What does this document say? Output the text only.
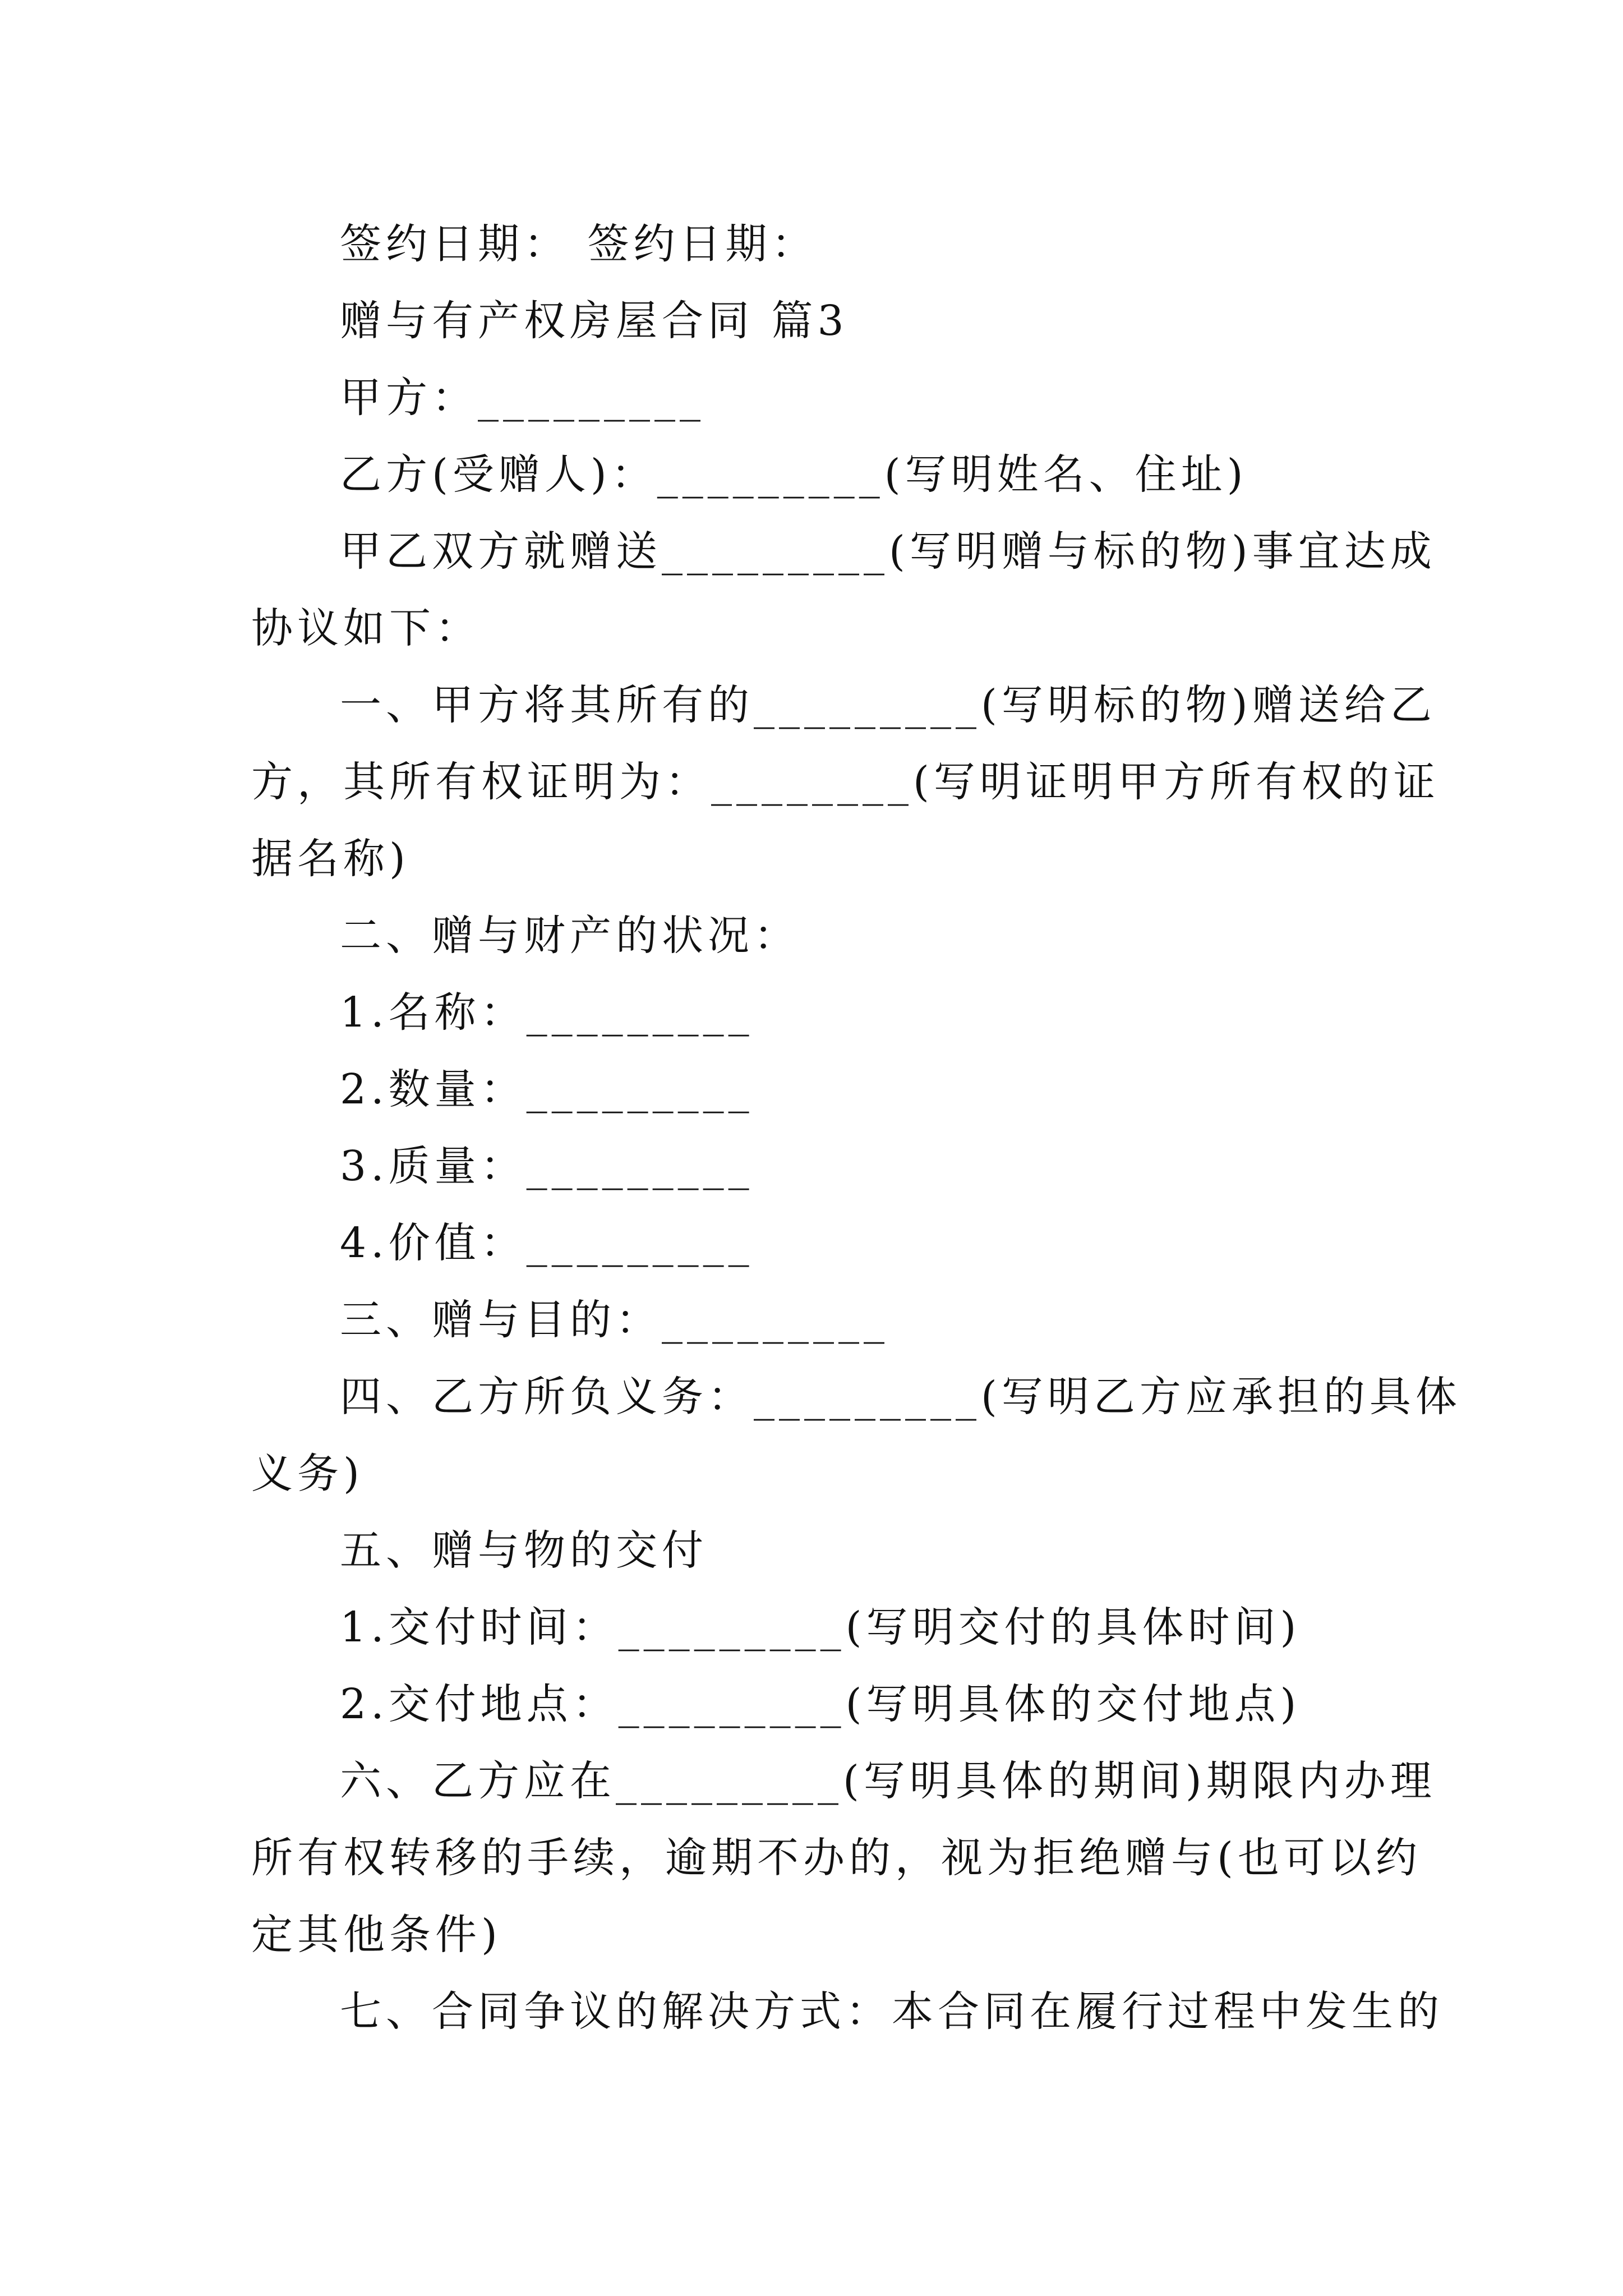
签约日期： 签约日期：
赠与有产权房屋合同 篇3
甲方：_________
乙方(受赠人)：_________(写明姓名、住址)
甲乙双方就赠送_________(写明赠与标的物)事宜达成
协议如下：
一、甲方将其所有的_________(写明标的物)赠送给乙
方，其所有权证明为：________(写明证明甲方所有权的证
据名称)
二、赠与财产的状况：
1.名称：_________
2.数量：_________
3.质量：_________
4.价值：_________
三、赠与目的：_________
四、乙方所负义务：_________(写明乙方应承担的具体
义务)
五、赠与物的交付
1.交付时间：_________(写明交付的具体时间)
2.交付地点：_________(写明具体的交付地点)
六、乙方应在_________(写明具体的期间)期限内办理
所有权转移的手续，逾期不办的，视为拒绝赠与(也可以约
定其他条件)
七、合同争议的解决方式：本合同在履行过程中发生的
